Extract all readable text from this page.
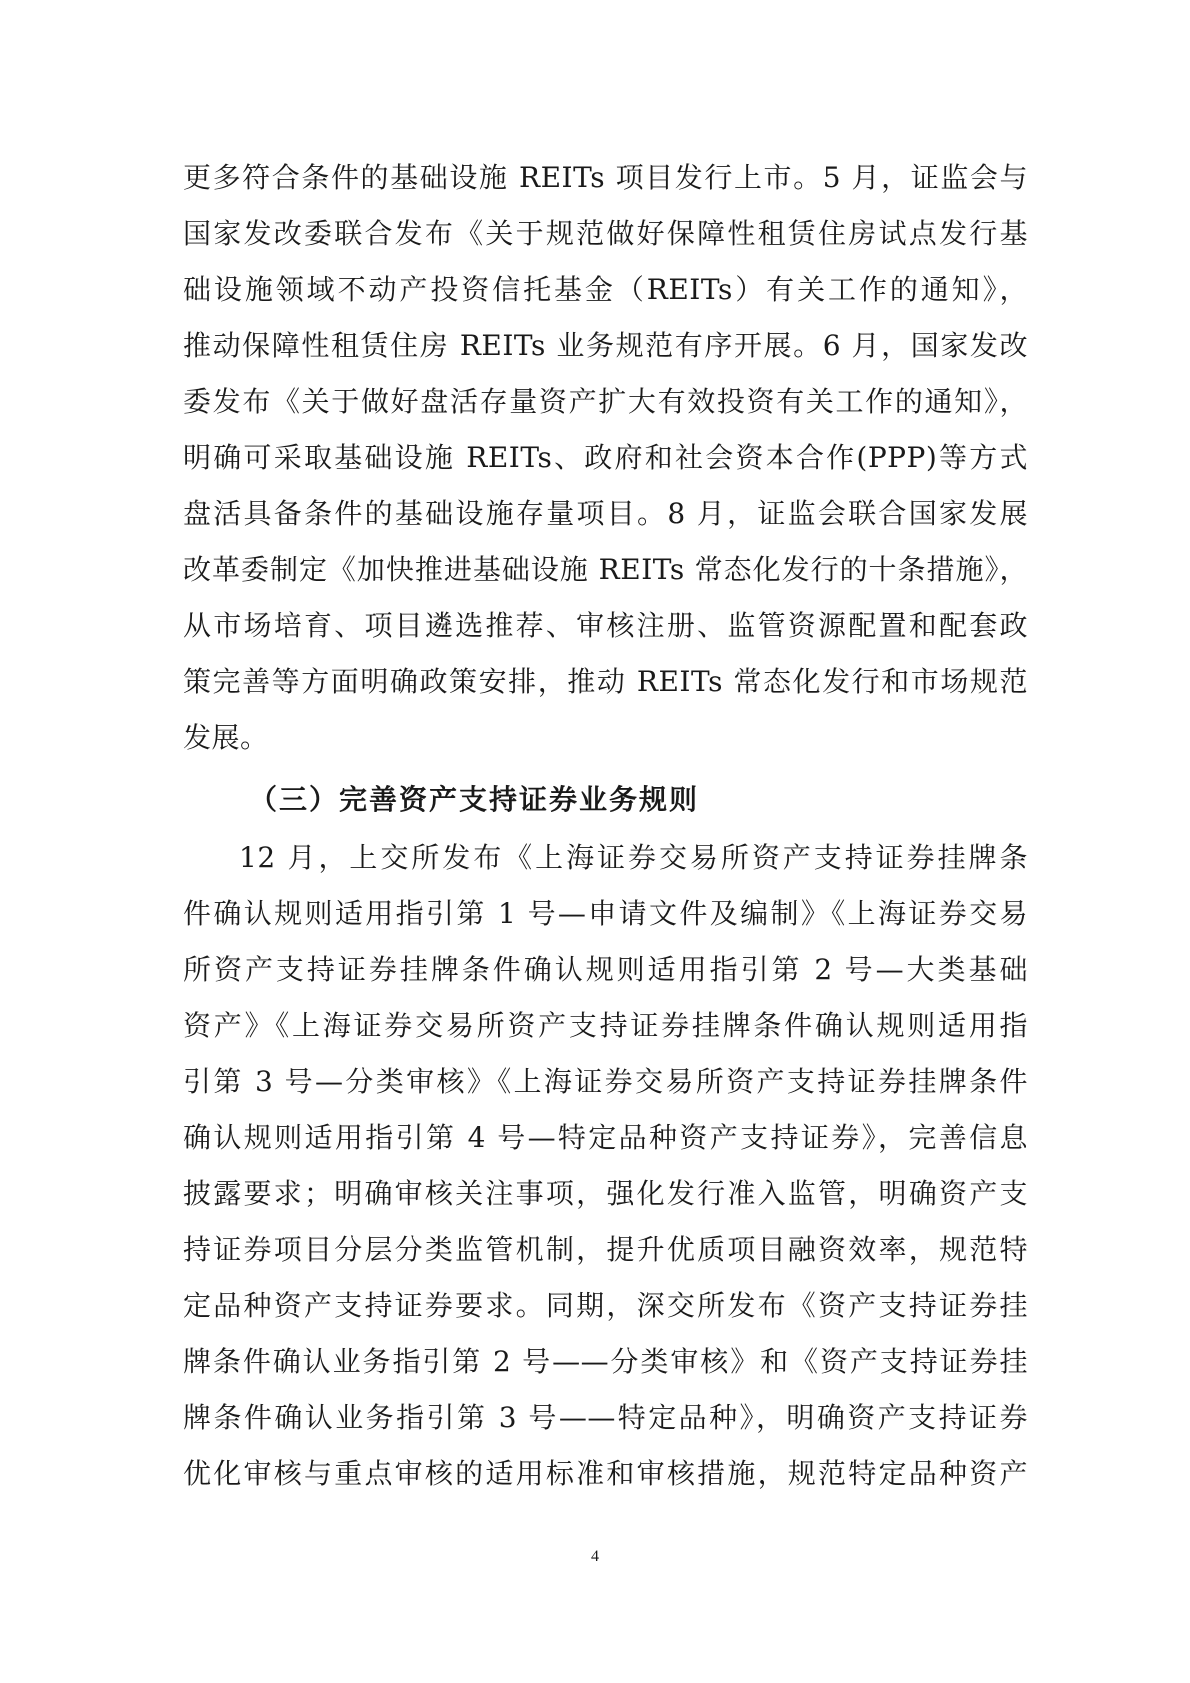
更多符合条件的基础设施 REITs 项目发行上市。5 月，证监会与
国家发改委联合发布《关于规范做好保障性租赁住房试点发行基
础设施领域不动产投资信托基金（REITs）有关工作的通知》，
推动保障性租赁住房 REITs 业务规范有序开展。6 月，国家发改
委发布《关于做好盘活存量资产扩大有效投资有关工作的通知》，
明确可采取基础设施 REITs、政府和社会资本合作(PPP)等方式
盘活具备条件的基础设施存量项目。8 月，证监会联合国家发展
改革委制定《加快推进基础设施 REITs 常态化发行的十条措施》，
从市场培育、项目遴选推荐、审核注册、监管资源配置和配套政
策完善等方面明确政策安排，推动 REITs 常态化发行和市场规范
发展。
（三）完善资产支持证券业务规则
12 月，上交所发布《上海证券交易所资产支持证券挂牌条
件确认规则适用指引第 1 号—申请文件及编制》《上海证券交易
所资产支持证券挂牌条件确认规则适用指引第 2 号—大类基础
资产》《上海证券交易所资产支持证券挂牌条件确认规则适用指
引第 3 号—分类审核》《上海证券交易所资产支持证券挂牌条件
确认规则适用指引第 4 号—特定品种资产支持证券》，完善信息
披露要求；明确审核关注事项，强化发行准入监管，明确资产支
持证券项目分层分类监管机制，提升优质项目融资效率，规范特
定品种资产支持证券要求。同期，深交所发布《资产支持证券挂
牌条件确认业务指引第 2 号——分类审核》和《资产支持证券挂
牌条件确认业务指引第 3 号——特定品种》，明确资产支持证券
优化审核与重点审核的适用标准和审核措施，规范特定品种资产
4
